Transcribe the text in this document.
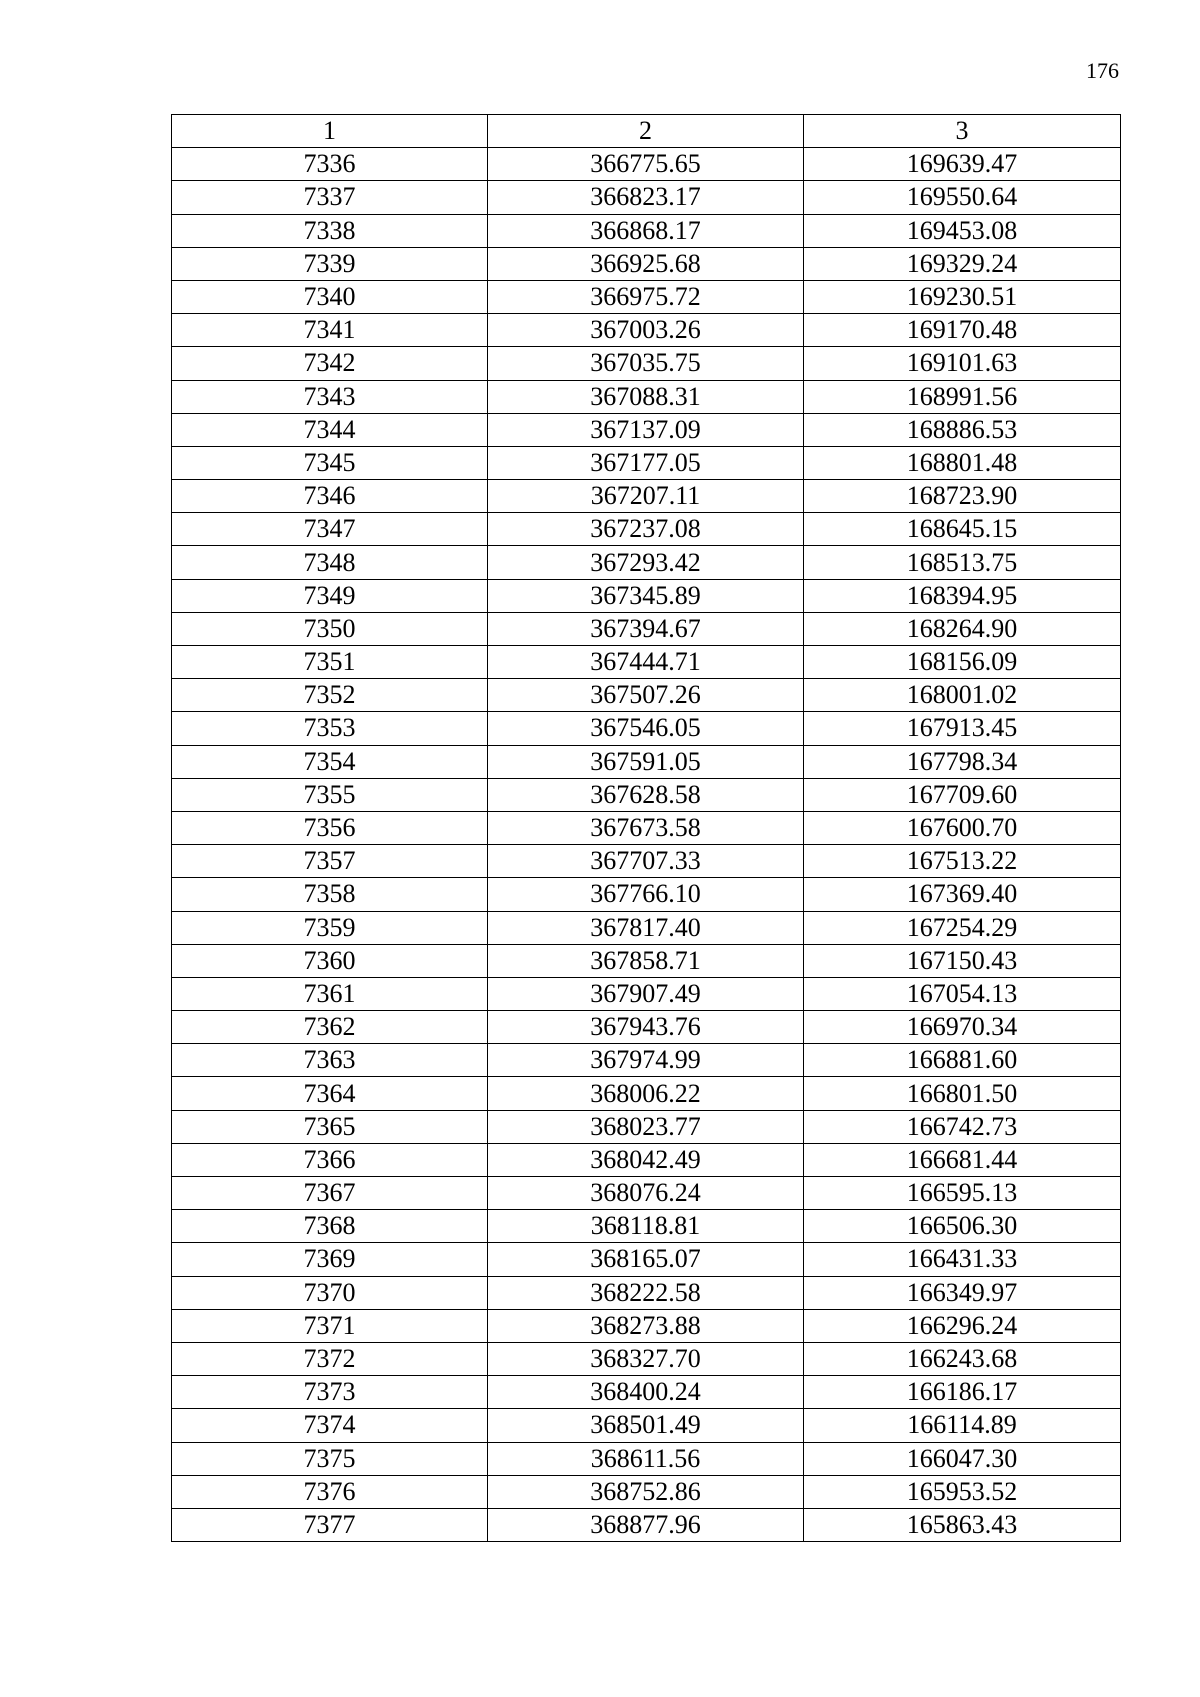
176
1	2	3
7336	366775.65	169639.47
7337	366823.17	169550.64
7338	366868.17	169453.08
7339	366925.68	169329.24
7340	366975.72	169230.51
7341	367003.26	169170.48
7342	367035.75	169101.63
7343	367088.31	168991.56
7344	367137.09	168886.53
7345	367177.05	168801.48
7346	367207.11	168723.90
7347	367237.08	168645.15
7348	367293.42	168513.75
7349	367345.89	168394.95
7350	367394.67	168264.90
7351	367444.71	168156.09
7352	367507.26	168001.02
7353	367546.05	167913.45
7354	367591.05	167798.34
7355	367628.58	167709.60
7356	367673.58	167600.70
7357	367707.33	167513.22
7358	367766.10	167369.40
7359	367817.40	167254.29
7360	367858.71	167150.43
7361	367907.49	167054.13
7362	367943.76	166970.34
7363	367974.99	166881.60
7364	368006.22	166801.50
7365	368023.77	166742.73
7366	368042.49	166681.44
7367	368076.24	166595.13
7368	368118.81	166506.30
7369	368165.07	166431.33
7370	368222.58	166349.97
7371	368273.88	166296.24
7372	368327.70	166243.68
7373	368400.24	166186.17
7374	368501.49	166114.89
7375	368611.56	166047.30
7376	368752.86	165953.52
7377	368877.96	165863.43
